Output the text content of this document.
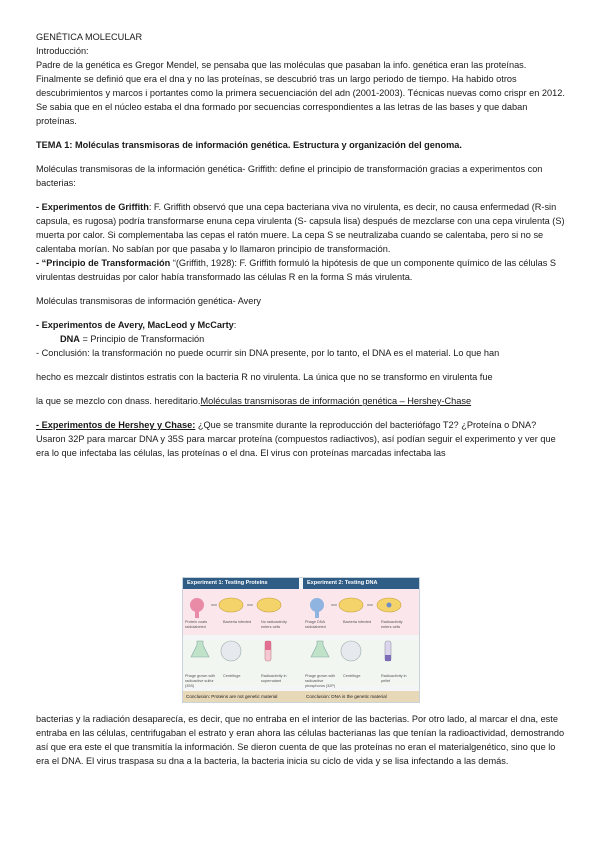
GENÉTICA MOLECULAR

Introducción:

Padre de la genética es Gregor Mendel, se pensaba que las moléculas que pasaban la info. genética eran las proteínas. Finalmente se definió que era el dna y no las proteínas, se descubrió tras un largo periodo de tiempo. Ha habido otros descubrimientos y marcos i portantes como la primera secuenciación del adn (2001-2003). Técnicas nuevas como crispr en 2012.

Se sabia que en el núcleo estaba el dna formado por secuencias correspondientes a las letras de las bases y que daban proteínas.

TEMA 1: Moléculas transmisoras de información genética. Estructura y organización del genoma.

Moléculas transmisoras de la información genética- Griffith: define el principio de transformación gracias a experimentos con bacterias:

- Experimentos de Griffith: F. Griffith observó que una cepa bacteriana viva no virulenta, es decir, no causa enfermedad (R-sin capsula, es rugosa) podría transformarse enuna cepa virulenta (S- capsula lisa) después de mezclarse con una cepa virulenta (S) muerta por calor. Si complementaba las cepas el ratón muere. La cepa S se neutralizaba cuando se calentaba, pero si no se calentaba morían. No sabían por que pasaba y lo llamaron principio de transformación.

- “Principio de Transformación “(Griffith, 1928): F. Griffith formuló la hipótesis de que un componente químico de las células S virulentas destruidas por calor había transformado las células R en la forma S más virulenta.

Moléculas transmisoras de información genética- Avery

- Experimentos de Avery, MacLeod y McCarty:

DNA = Principio de Transformación

- Conclusión: la transformación no puede ocurrir sin DNA presente, por lo tanto, el DNA es el material. Lo que han

hecho es mezcalr distintos estratis con la bacteria R no virulenta. La única que no se transformo en virulenta fue

la que se mezclo con dnass. hereditario.Moléculas transmisoras de información genética – Hershey-Chase

- Experimentos de Hershey y Chase: ¿Que se transmite durante la reproducción del bacteriófago T2? ¿Proteína o DNA?

Usaron 32P para marcar DNA y 35S para marcar proteína (compuestos radiactivos), así podían seguir el experimento y ver que era lo que infectaba las células, las proteínas o el dna. El virus con proteínas marcadas infectaba las

Experiment 1: Testing Proteins	Experiment 2: Testing DNA
Protein coats radiolabeled
Bacteria infected	No radioactivity enters cells
Phage DNA radiolabeled
Bacteria infected	Radioactivity enters cells
Phage grown with radioactive sulfur (35S)
Centrifuge	Radioactivity in supernatant
Phage grown with radioactive phosphorus (32P)
Centrifuge	Radioactivity in pellet
Conclusion: Proteins are not genetic material	Conclusion: DNA is the genetic material

bacterias y la radiación desaparecía, es decir, que no entraba en el interior de las bacterias. Por otro lado, al marcar el dna, este entraba en las células, centrifugaban el estrato y eran ahora las células bacterianas las que tenían la radioactividad, demostrando así que era este el que transmitía la información. Se dieron cuenta de que las proteínas no eran el materialgenético, sino que lo era el DNA. El virus traspasa su dna a la bacteria, la bacteria inicia su ciclo de vida y se lisa infectando a las demás.
